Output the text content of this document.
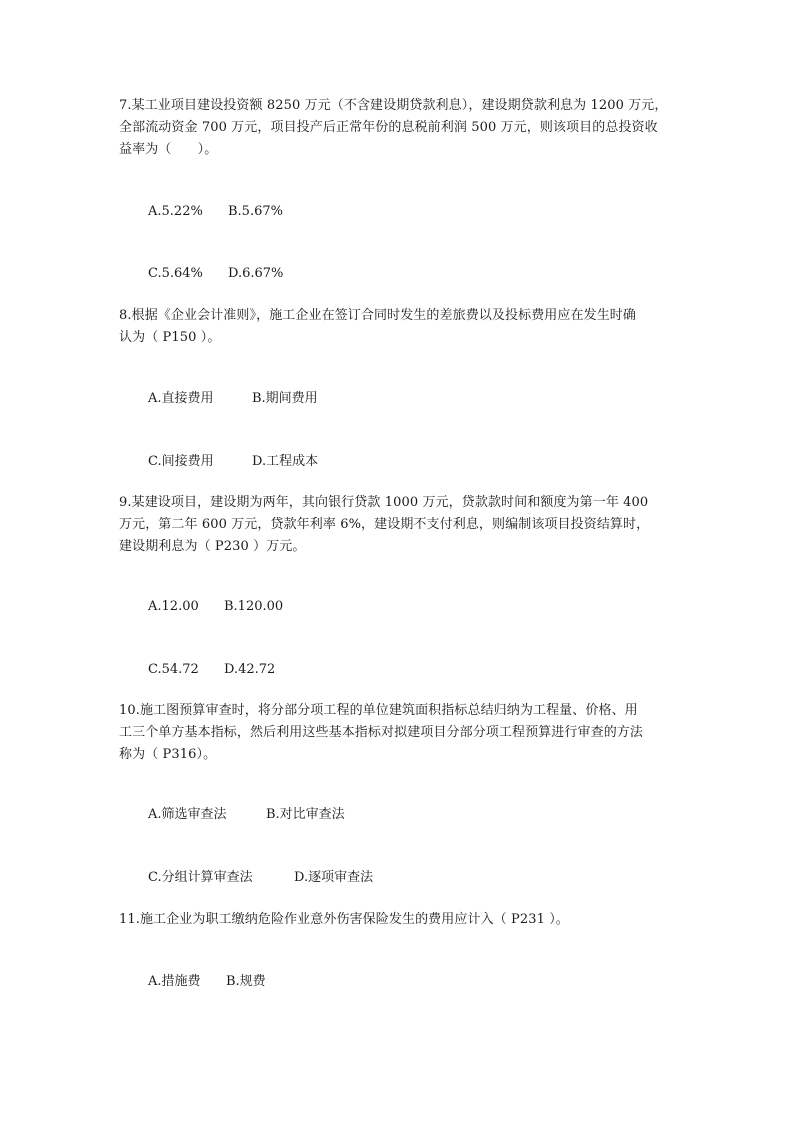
7.某工业项目建设投资额 8250 万元（不含建设期贷款利息），建设期贷款利息为 1200 万元，
全部流动资金 700 万元，项目投产后正常年份的息税前利润 500 万元，则该项目的总投资收
益率为（　　）。
A.5.22% B.5.67%
C.5.64% D.6.67%
8.根据《企业会计准则》，施工企业在签订合同时发生的差旅费以及投标费用应在发生时确
认为（ P150 ）。
A.直接费用	B.期间费用
C.间接费用	D.工程成本
9.某建设项目，建设期为两年，其向银行贷款 1000 万元，贷款款时间和额度为第一年 400
万元，第二年 600 万元，贷款年利率 6%，建设期不支付利息，则编制该项目投资结算时，
建设期利息为（ P230 ）万元。
A.12.00 B.120.00
C.54.72 D.42.72
10.施工图预算审查时，将分部分项工程的单位建筑面积指标总结归纳为工程量、价格、用
工三个单方基本指标，然后利用这些基本指标对拟建项目分部分项工程预算进行审查的方法
称为（ P316）。
A.筛选审查法	B.对比审查法
C.分组计算审查法	D.逐项审查法
11.施工企业为职工缴纳危险作业意外伤害保险发生的费用应计入（ P231 ）。
A.措施费 B.规费
